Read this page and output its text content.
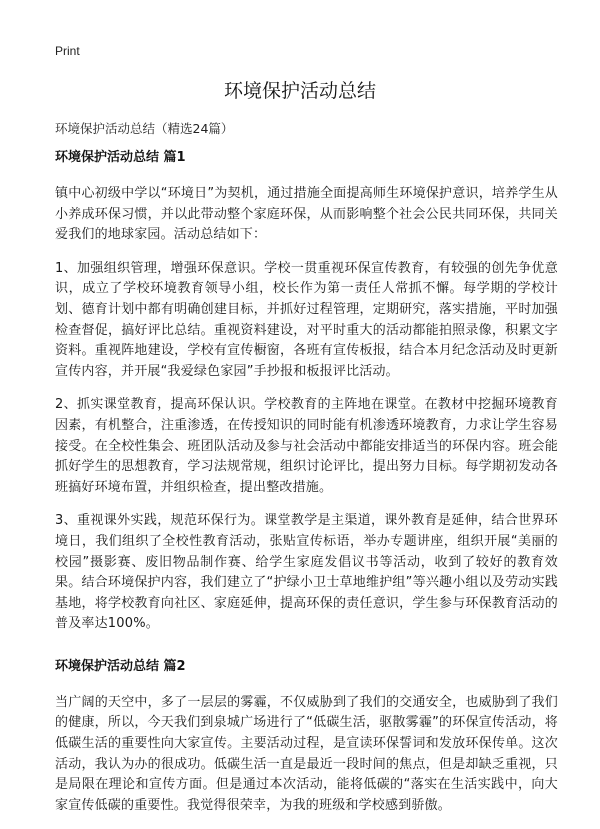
Print
环境保护活动总结
环境保护活动总结（精选24篇）
环境保护活动总结 篇1

镇中心初级中学以“环境日”为契机，通过措施全面提高师生环境保护意识，培养学生从小养成环保习惯，并以此带动整个家庭环保，从而影响整个社会公民共同环保，共同关爱我们的地球家园。活动总结如下：

1、加强组织管理，增强环保意识。学校一贯重视环保宣传教育，有较强的创先争优意识，成立了学校环境教育领导小组，校长作为第一责任人常抓不懈。每学期的学校计划、德育计划中都有明确创建目标，并抓好过程管理，定期研究，落实措施，平时加强检查督促，搞好评比总结。重视资料建设，对平时重大的活动都能拍照录像，积累文字资料。重视阵地建设，学校有宣传橱窗，各班有宣传板报，结合本月纪念活动及时更新宣传内容，并开展“我爱绿色家园”手抄报和板报评比活动。

2、抓实课堂教育，提高环保认识。学校教育的主阵地在课堂。在教材中挖掘环境教育因素，有机整合，注重渗透，在传授知识的同时能有机渗透环境教育，力求让学生容易接受。在全校性集会、班团队活动及参与社会活动中都能安排适当的环保内容。班会能抓好学生的思想教育，学习法规常规，组织讨论评比，提出努力目标。每学期初发动各班搞好环境布置，并组织检查，提出整改措施。

3、重视课外实践，规范环保行为。课堂教学是主渠道，课外教育是延伸，结合世界环境日，我们组织了全校性教育活动，张贴宣传标语，举办专题讲座，组织开展“美丽的校园”摄影赛、废旧物品制作赛、给学生家庭发倡议书等活动，收到了较好的教育效果。结合环境保护内容，我们建立了“护绿小卫士草地维护组”等兴趣小组以及劳动实践基地，将学校教育向社区、家庭延伸，提高环保的责任意识，学生参与环保教育活动的普及率达100%。

环境保护活动总结 篇2

当广阔的天空中，多了一层层的雾霾，不仅威胁到了我们的交通安全，也威胁到了我们的健康，所以，今天我们到泉城广场进行了“低碳生活，驱散雾霾”的环保宣传活动，将低碳生活的重要性向大家宣传。主要活动过程，是宣读环保誓词和发放环保传单。这次活动，我认为办的很成功。低碳生活一直是最近一段时间的焦点，但是却缺乏重视，只是局限在理论和宣传方面。但是通过本次活动，能将低碳的“落实在生活实践中，向大家宣传低碳的重要性。我觉得很荣幸，为我的班级和学校感到骄傲。
